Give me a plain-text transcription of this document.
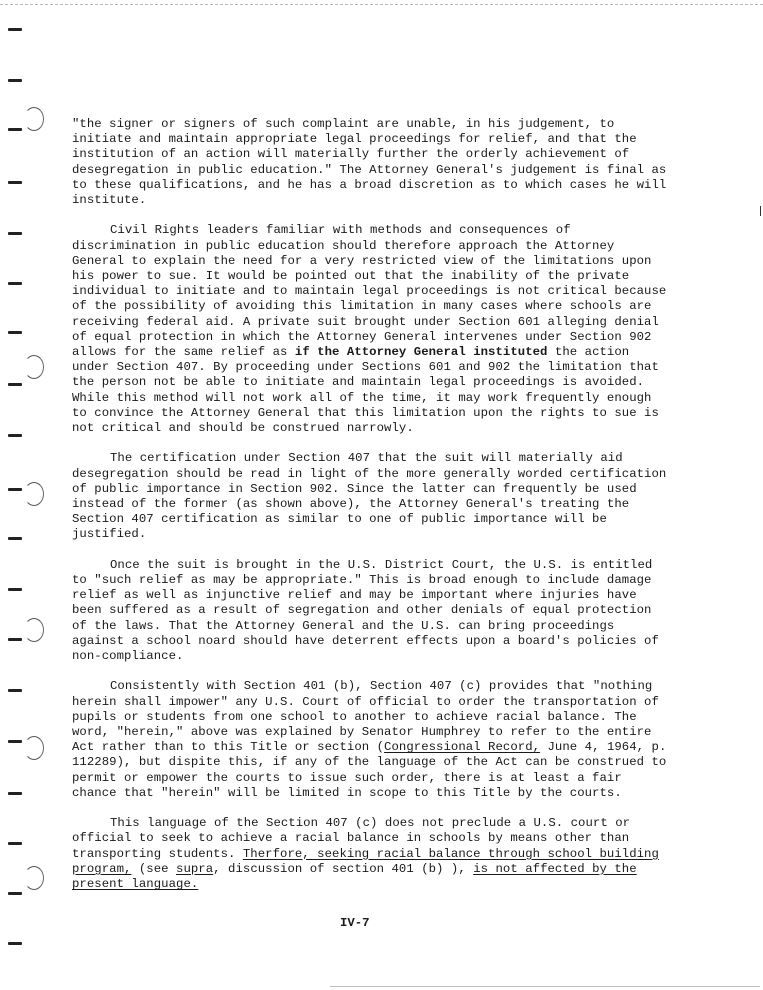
"the signer or signers of such complaint are unable, in his judgement, to initiate and maintain appropriate legal proceedings for relief, and that the institution of an action will materially further the orderly achievement of desegregation in public education." The Attorney General's judgement is final as to these qualifications, and he has a broad discretion as to which cases he will institute.

Civil Rights leaders familiar with methods and consequences of discrimination in public education should therefore approach the Attorney General to explain the need for a very restricted view of the limitations upon his power to sue. It would be pointed out that the inability of the private individual to initiate and to maintain legal proceedings is not critical because of the possibility of avoiding this limitation in many cases where schools are receiving federal aid. A private suit brought under Section 601 alleging denial of equal protection in which the Attorney General intervenes under Section 902 allows for the same relief as if the Attorney General instituted the action under Section 407. By proceeding under Sections 601 and 902 the limitation that the person not be able to initiate and maintain legal proceedings is avoided. While this method will not work all of the time, it may work frequently enough to convince the Attorney General that this limitation upon the rights to sue is not critical and should be construed narrowly.

The certification under Section 407 that the suit will materially aid desegregation should be read in light of the more generally worded certification of public importance in Section 902. Since the latter can frequently be used instead of the former (as shown above), the Attorney General's treating the Section 407 certification as similar to one of public importance will be justified.

Once the suit is brought in the U.S. District Court, the U.S. is entitled to "such relief as may be appropriate." This is broad enough to include damage relief as well as injunctive relief and may be important where injuries have been suffered as a result of segregation and other denials of equal protection of the laws. That the Attorney General and the U.S. can bring proceedings against a school noard should have deterrent effects upon a board's policies of non-compliance.

Consistently with Section 401 (b), Section 407 (c) provides that "nothing herein shall impower" any U.S. Court of official to order the transportation of pupils or students from one school to another to achieve racial balance. The word, "herein," above was explained by Senator Humphrey to refer to the entire Act rather than to this Title or section (Congressional Record, June 4, 1964, p. 112289), but dispite this, if any of the language of the Act can be construed to permit or empower the courts to issue such order, there is at least a fair chance that "herein" will be limited in scope to this Title by the courts.

This language of the Section 407 (c) does not preclude a U.S. court or official to seek to achieve a racial balance in schools by means other than transporting students. Therfore, seeking racial balance through school building program, (see supra, discussion of section 401 (b) ), is not affected by the present language.

IV-7
